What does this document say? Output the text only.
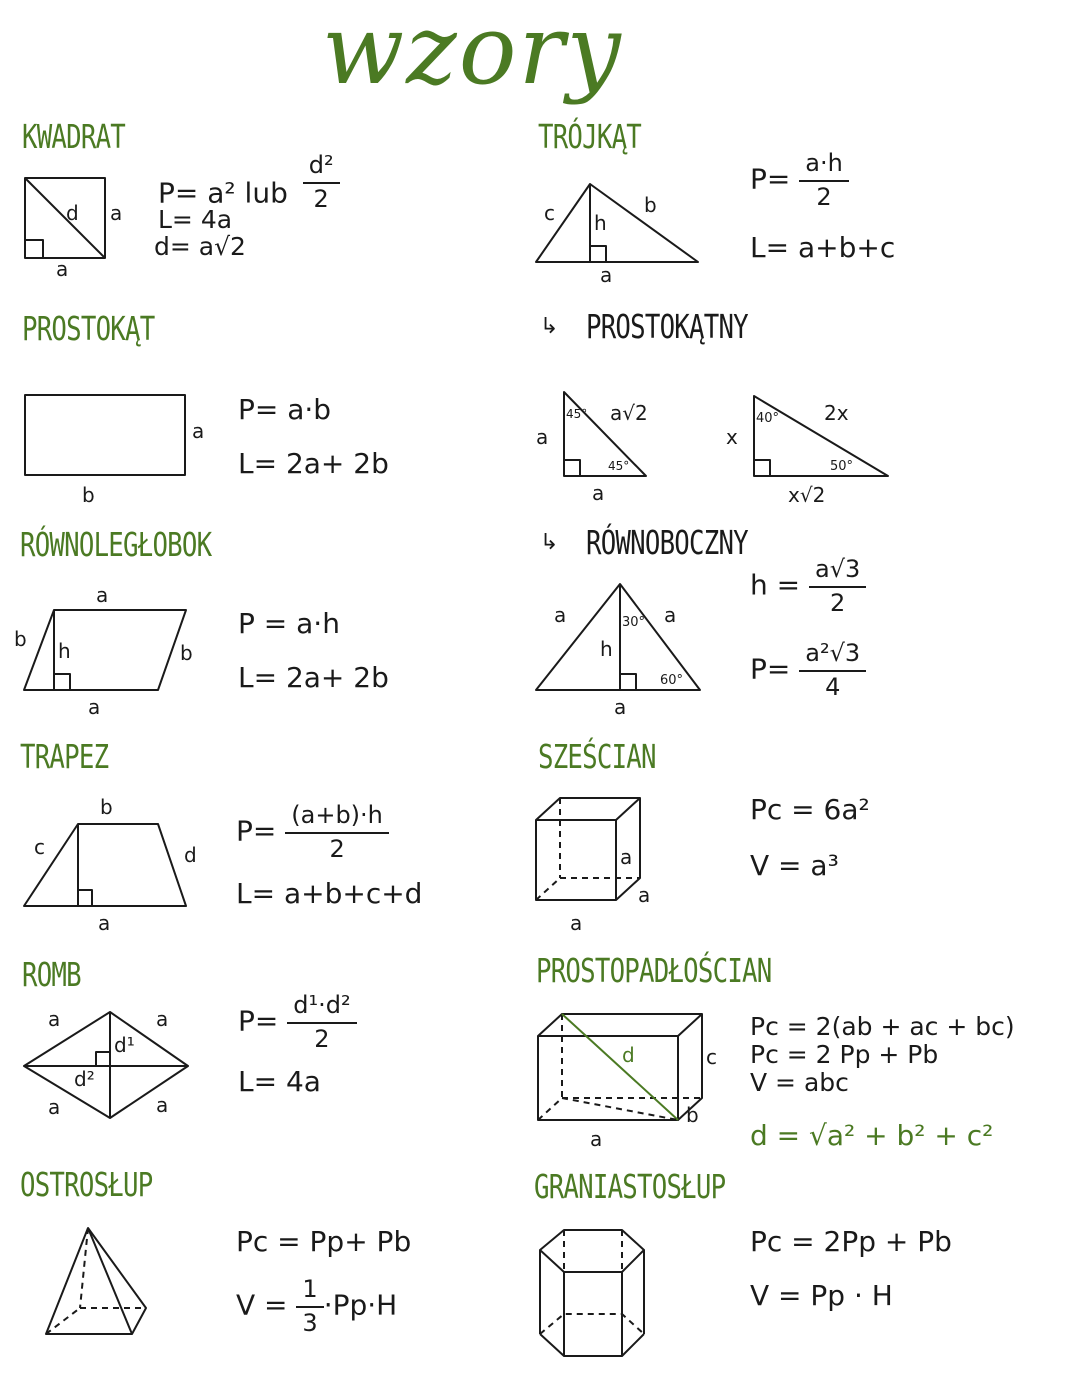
wzory
KWADRAT
d a
a
P= a² lub $\frac{\text{d²}}{2}$
L= 4a
d= a√2
PROSTOKĄT
a
b
P= a·b
L= 2a+ 2b
RÓWNOLEGŁOBOK
a
a
b
b
h
P = a·h
L= 2a+ 2b
TRAPEZ
b
a
c	d
$P= \frac{(a+b)\cdot h}{2}$
L= a+b+c+d
ROMB
a	a
a	a
d¹
d²
$P= \frac{\text{d¹·d²}}{2}$
L= 4a
OSTROSŁUP
Pc = Pp+ Pb
$V = \frac{1}{3} \cdot Pp\cdot H$
TRÓJKĄT
c	b
h
a
$P= \frac{a\cdot h}{2}$
L= a+b+c
↳ PROSTOKĄTNY
a
a
a√2
45°
45°
x
x√2
2x
40°
50°
↳ RÓWNOBOCZNY
a	a
a
h
30°
60°
$h = \frac{a√3}{2}$
$P= \frac{\text{a²√3}}{4}$
SZEŚCIAN
a
a
a
Pc = 6a²
V = a³
PROSTOPADŁOŚCIAN
d	c
b
a
Pc = 2(ab + ac + bc)
Pc = 2 Pp + Pb
V = abc
d = √a² + b² + c²
GRANIASTOSŁUP
Pc = 2Pp + Pb
V = Pp · H
